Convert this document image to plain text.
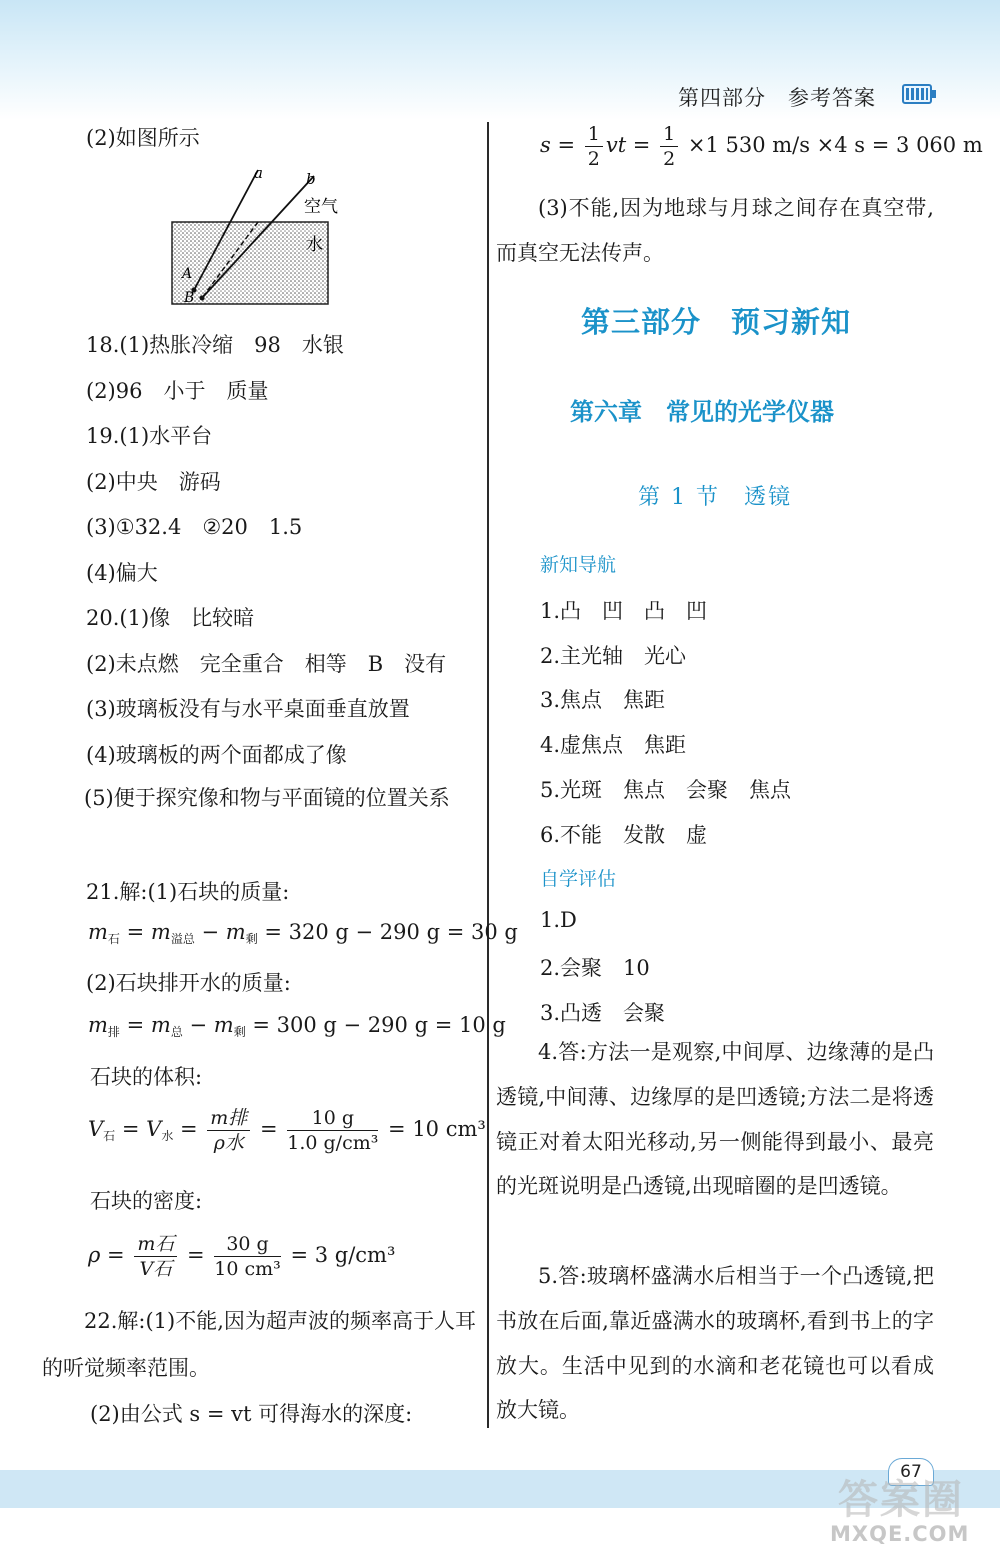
第四部分　参考答案
(2)如图所示
a	b
空气
水
A
B
18.(1)热胀冷缩　98　水银
(2)96　小于　质量
19.(1)水平台
(2)中央　游码
(3)①32.4　②20　1.5
(4)偏大
20.(1)像　比较暗
(2)未点燃　完全重合　相等　B　没有
(3)玻璃板没有与水平桌面垂直放置
(4)玻璃板的两个面都成了像
(5)便于探究像和物与平面镜的位置关系
21.解:(1)石块的质量:
$m_石 = m_{溢总} - m_剩 = 320$ g − 290 g = 30 g
(2)石块排开水的质量:
$m_排 = m_总 - m_剩 = 300$ g − 290 g = 10 g
石块的体积:
$V_石 = V_水 = \frac{\text{m排}}{\text{ρ水}} = \frac{10 g}{\text{1.0 g/cm³}} = 10$ cm³
石块的密度:
$\rho = \frac{\text{m石}}{\text{V石}} = \frac{30 g}{\text{10 cm³}} = 3$ g/cm³
22.解:(1)不能,因为超声波的频率高于人耳的听觉频率范围。
(2)由公式 s = vt 可得海水的深度:
$s = \frac{1}{2}$ vt = $\frac{1}{2} \times 1$ 530 m/s ×4 s = 3 060 m
(3)不能,因为地球与月球之间存在真空带,而真空无法传声。
第三部分　预习新知
第六章　常见的光学仪器
第 1 节　透镜
新知导航
1.凸　凹　凸　凹
2.主光轴　光心
3.焦点　焦距
4.虚焦点　焦距
5.光斑　焦点　会聚　焦点
6.不能　发散　虚
自学评估
1.D
2.会聚　10
3.凸透　会聚
4.答:方法一是观察,中间厚、边缘薄的是凸透镜,中间薄、边缘厚的是凹透镜;方法二是将透镜正对着太阳光移动,另一侧能得到最小、最亮的光斑说明是凸透镜,出现暗圈的是凹透镜。
5.答:玻璃杯盛满水后相当于一个凸透镜,把书放在后面,靠近盛满水的玻璃杯,看到书上的字放大。生活中见到的水滴和老花镜也可以看成放大镜。
67
答案圈
MXQE.COM
